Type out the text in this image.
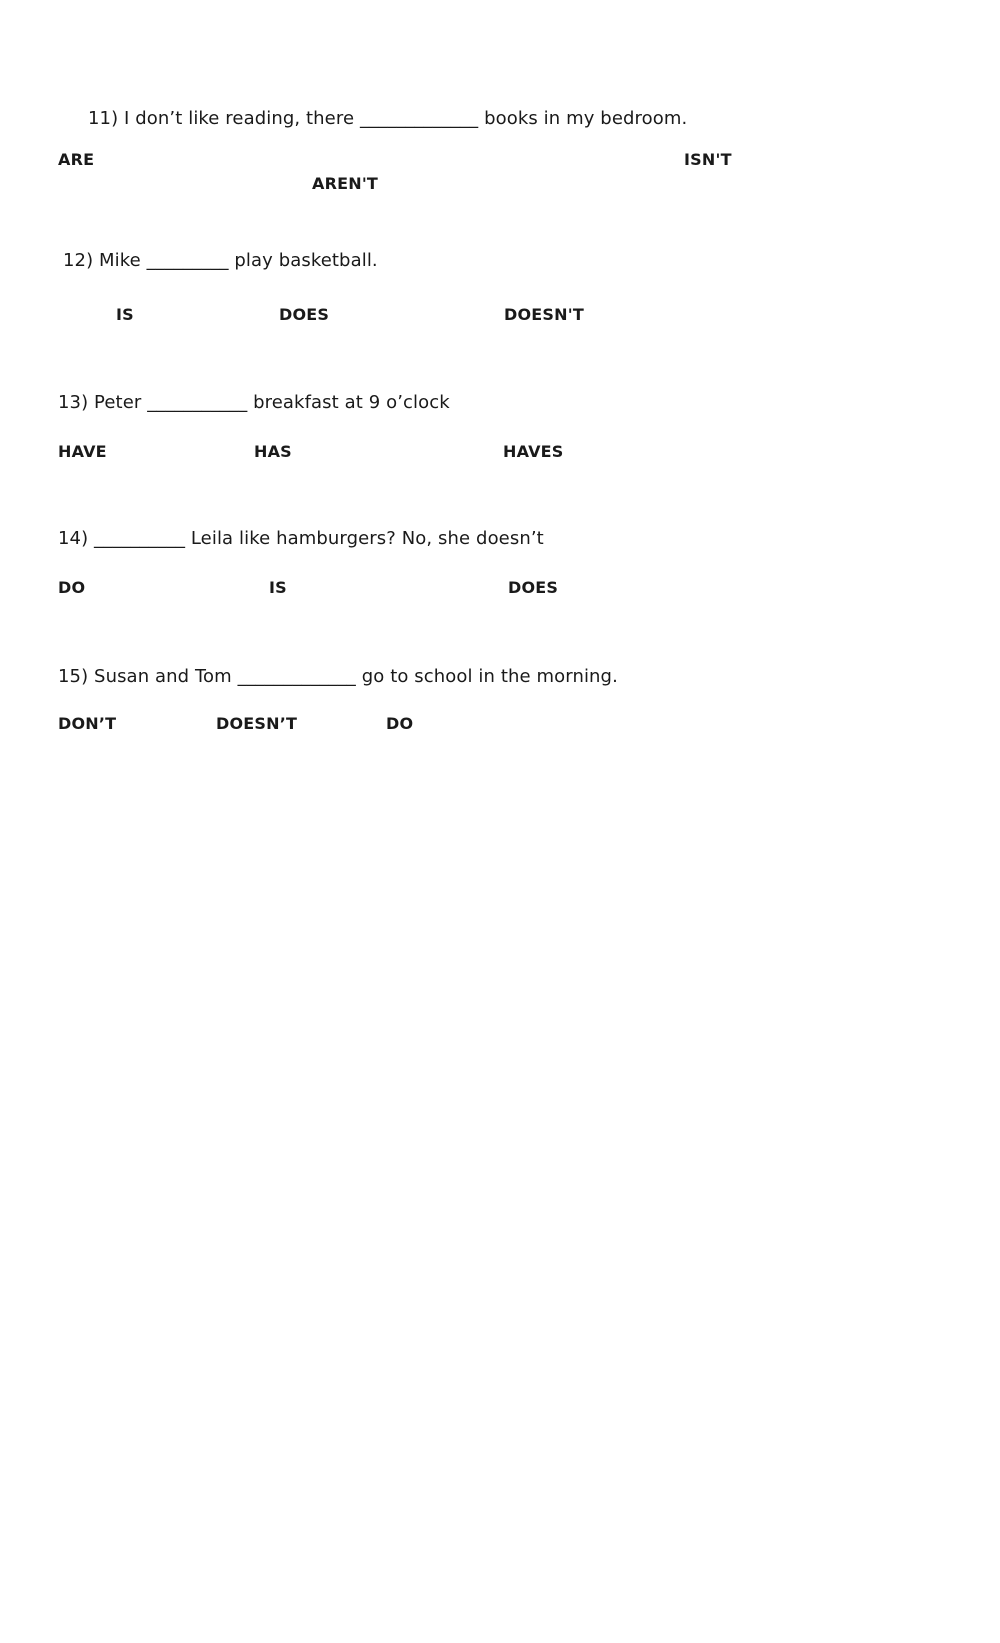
11) I don’t like reading, there _____________ books in my bedroom.
ARE
AREN'T
ISN'T
12) Mike _________ play basketball.
IS	DOES	DOESN'T
13) Peter ___________ breakfast at 9 o’clock
HAVE	HAS	HAVES
14) __________ Leila like hamburgers? No, she doesn’t
DO	IS	DOES
15) Susan and Tom _____________ go to school in the morning.
DON’T	DOESN’T	DO
